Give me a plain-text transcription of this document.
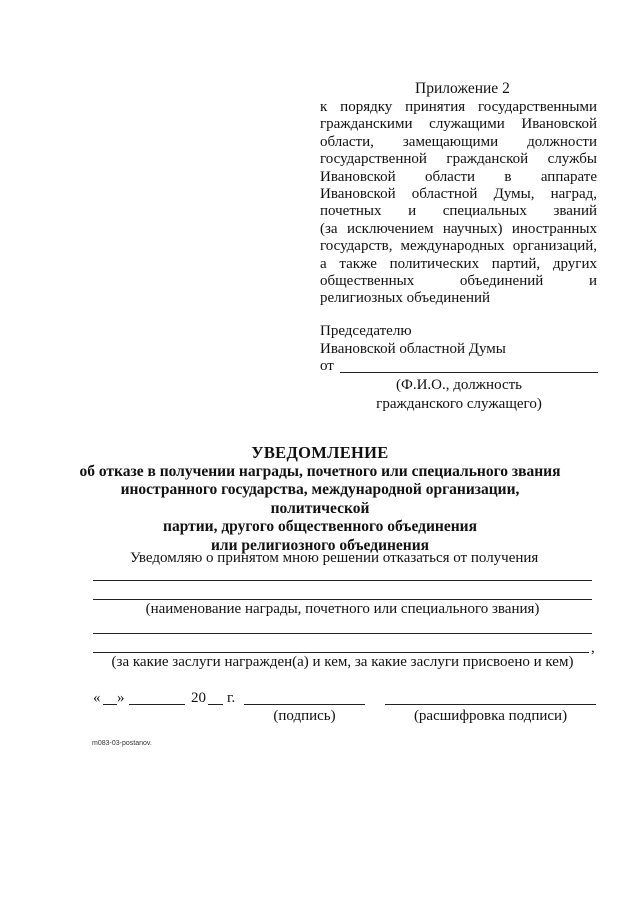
Приложение 2
к порядку принятия государственными
гражданскими служащими Ивановской
области, замещающими должности
государственной гражданской службы
Ивановской области в аппарате
Ивановской областной Думы, наград,
почетных и специальных званий
(за исключением научных) иностранных
государств, международных организаций,
а также политических партий, других
общественных объединений и
религиозных объединений
Председателю
Ивановской областной Думы
от
(Ф.И.О., должность
гражданского служащего)
УВЕДОМЛЕНИЕ
об отказе в получении награды, почетного или специального звания
иностранного государства, международной организации, политической
партии, другого общественного объединения
или религиозного объединения
Уведомляю о принятом мною решении отказаться от получения
(наименование награды, почетного или специального звания)
,
(за какие заслуги награжден(а) и кем, за какие заслуги присвоено и кем)
« »	20 г.
(подпись)	(расшифровка подписи)
m083-03-postanov.
